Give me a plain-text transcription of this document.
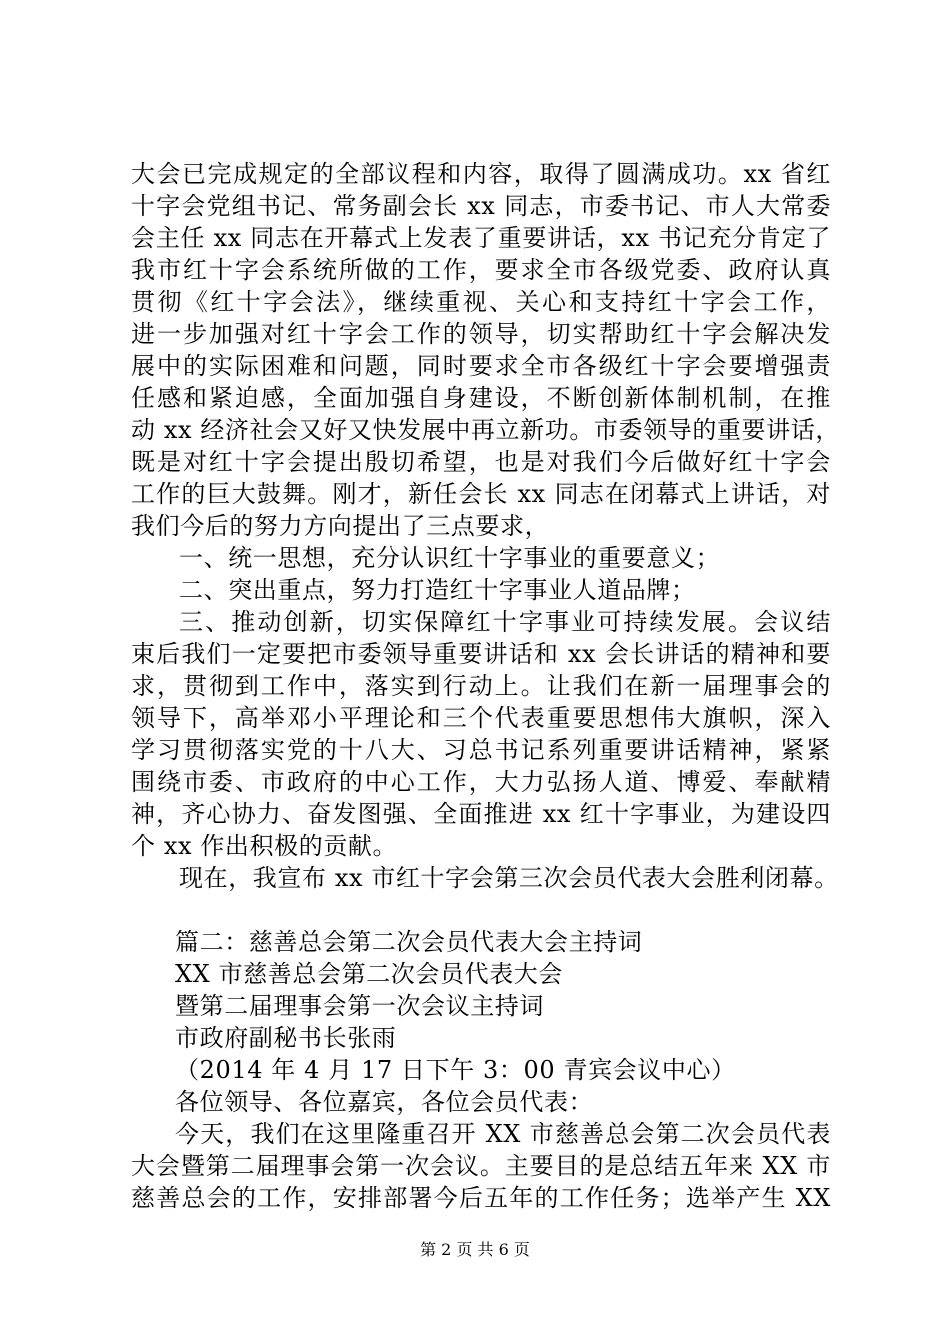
大会已完成规定的全部议程和内容，取得了圆满成功。xx 省红
十字会党组书记、常务副会长 xx 同志，市委书记、市人大常委
会主任 xx 同志在开幕式上发表了重要讲话，xx 书记充分肯定了
我市红十字会系统所做的工作，要求全市各级党委、政府认真
贯彻《红十字会法》，继续重视、关心和支持红十字会工作，
进一步加强对红十字会工作的领导，切实帮助红十字会解决发
展中的实际困难和问题，同时要求全市各级红十字会要增强责
任感和紧迫感，全面加强自身建设，不断创新体制机制，在推
动 xx 经济社会又好又快发展中再立新功。市委领导的重要讲话，
既是对红十字会提出殷切希望，也是对我们今后做好红十字会
工作的巨大鼓舞。刚才，新任会长 xx 同志在闭幕式上讲话，对
我们今后的努力方向提出了三点要求，
一、统一思想，充分认识红十字事业的重要意义；
二、突出重点，努力打造红十字事业人道品牌；
三、推动创新，切实保障红十字事业可持续发展。会议结
束后我们一定要把市委领导重要讲话和 xx 会长讲话的精神和要
求，贯彻到工作中，落实到行动上。让我们在新一届理事会的
领导下，高举邓小平理论和三个代表重要思想伟大旗帜，深入
学习贯彻落实党的十八大、习总书记系列重要讲话精神，紧紧
围绕市委、市政府的中心工作，大力弘扬人道、博爱、奉献精
神，齐心协力、奋发图强、全面推进 xx 红十字事业，为建设四
个 xx 作出积极的贡献。
现在，我宣布 xx 市红十字会第三次会员代表大会胜利闭幕。
篇二：慈善总会第二次会员代表大会主持词
XX 市慈善总会第二次会员代表大会
暨第二届理事会第一次会议主持词
市政府副秘书长张雨
（2014 年 4 月 17 日下午 3：00 青宾会议中心）
各位领导、各位嘉宾，各位会员代表：
今天，我们在这里隆重召开 XX 市慈善总会第二次会员代表
大会暨第二届理事会第一次会议。主要目的是总结五年来 XX 市
慈善总会的工作，安排部署今后五年的工作任务；选举产生 XX
第 2 页 共 6 页
